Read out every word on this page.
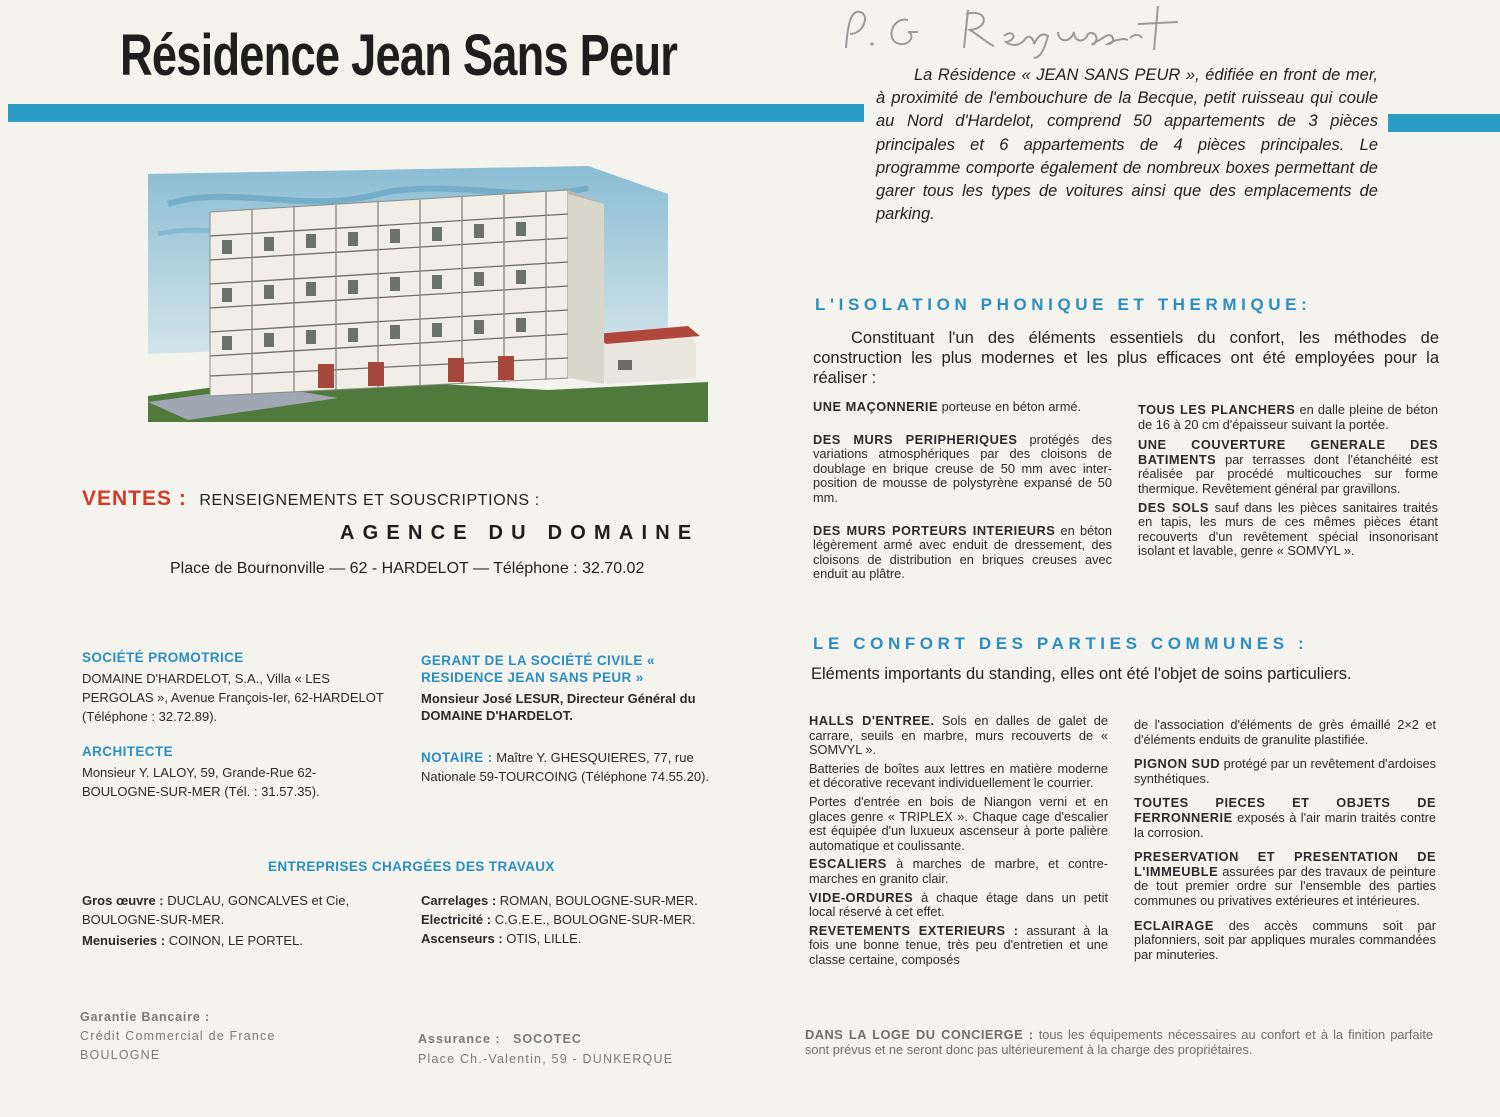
Résidence Jean Sans Peur	La Résidence « JEAN SANS PEUR », édifiée en front de mer, à proximité de l'embouchure de la Becque, petit ruisseau qui coule au Nord d'Hardelot, comprend 50 appartements de 3 pièces principales et 6 appartements de 4 pièces principales. Le programme comporte également de nombreux boxes permettant de garer tous les types de voitures ainsi que des emplacements de parking.
VENTES : RENSEIGNEMENTS ET SOUSCRIPTIONS :
AGENCE DU DOMAINE
Place de Bournonville — 62 - HARDELOT — Téléphone : 32.70.02
SOCIÉTÉ PROMOTRICE
DOMAINE D'HARDELOT, S.A., Villa « LES PERGOLAS », Avenue François-Ier, 62-HARDELOT (Téléphone : 32.72.89).
ARCHITECTE
Monsieur Y. LALOY, 59, Grande-Rue 62-BOULOGNE-SUR-MER (Tél. : 31.57.35).
GERANT DE LA SOCIÉTÉ CIVILE « RESIDENCE JEAN SANS PEUR »
Monsieur José LESUR, Directeur Général du DOMAINE D'HARDELOT.
NOTAIRE : Maître Y. GHESQUIERES, 77, rue Nationale 59-TOURCOING (Téléphone 74.55.20).
ENTREPRISES CHARGÉES DES TRAVAUX
Gros œuvre : DUCLAU, GONCALVES et Cie, BOULOGNE-SUR-MER.
Menuiseries : COINON, LE PORTEL.
Carrelages : ROMAN, BOULOGNE-SUR-MER.
Electricité : C.G.E.E., BOULOGNE-SUR-MER.
Ascenseurs : OTIS, LILLE.
Garantie Bancaire :
Crédit Commercial de France BOULOGNE
Assurance : SOCOTEC
Place Ch.-Valentin, 59 - DUNKERQUE
L'ISOLATION PHONIQUE ET THERMIQUE:
Constituant l'un des éléments essentiels du confort, les méthodes de construction les plus modernes et les plus efficaces ont été employées pour la réaliser :
UNE MAÇONNERIE porteuse en béton armé.
DES MURS PERIPHERIQUES protégés des variations atmosphériques par des cloisons de doublage en brique creuse de 50 mm avec inter-position de mousse de polystyrène expansé de 50 mm.
DES MURS PORTEURS INTERIEURS en béton légèrement armé avec enduit de dressement, des cloisons de distribution en briques creuses avec enduit au plâtre.
TOUS LES PLANCHERS en dalle pleine de béton de 16 à 20 cm d'épaisseur suivant la portée.
UNE COUVERTURE GENERALE DES BATIMENTS par terrasses dont l'étanchéité est réalisée par procédé multicouches sur forme thermique. Revêtement général par gravillons.
DES SOLS sauf dans les pièces sanitaires traités en tapis, les murs de ces mêmes pièces étant recouverts d'un revêtement spécial insonorisant isolant et lavable, genre « SOMVYL ».
LE CONFORT DES PARTIES COMMUNES :
Eléments importants du standing, elles ont été l'objet de soins particuliers.
HALLS D'ENTREE. Sols en dalles de galet de carrare, seuils en marbre, murs recouverts de « SOMVYL ».
Batteries de boîtes aux lettres en matière moderne et décorative recevant individuellement le courrier.
Portes d'entrée en bois de Niangon verni et en glaces genre « TRIPLEX ». Chaque cage d'escalier est équipée d'un luxueux ascenseur à porte palière automatique et coulissante.
ESCALIERS à marches de marbre, et contre-marches en granito clair.
VIDE-ORDURES à chaque étage dans un petit local réservé à cet effet.
REVETEMENTS EXTERIEURS : assurant à la fois une bonne tenue, très peu d'entretien et une classe certaine, composés
de l'association d'éléments de grès émaillé 2×2 et d'éléments enduits de granulite plastifiée.
PIGNON SUD protégé par un revêtement d'ardoises synthétiques.
TOUTES PIECES ET OBJETS DE FERRONNERIE exposés à l'air marin traités contre la corrosion.
PRESERVATION ET PRESENTATION DE L'IMMEUBLE assurées par des travaux de peinture de tout premier ordre sur l'ensemble des parties communes ou privatives extérieures et intérieures.
ECLAIRAGE des accès communs soit par plafonniers, soit par appliques murales commandées par minuteries.
DANS LA LOGE DU CONCIERGE : tous les équipements nécessaires au confort et à la finition parfaite sont prévus et ne seront donc pas ultérieurement à la charge des propriétaires.
